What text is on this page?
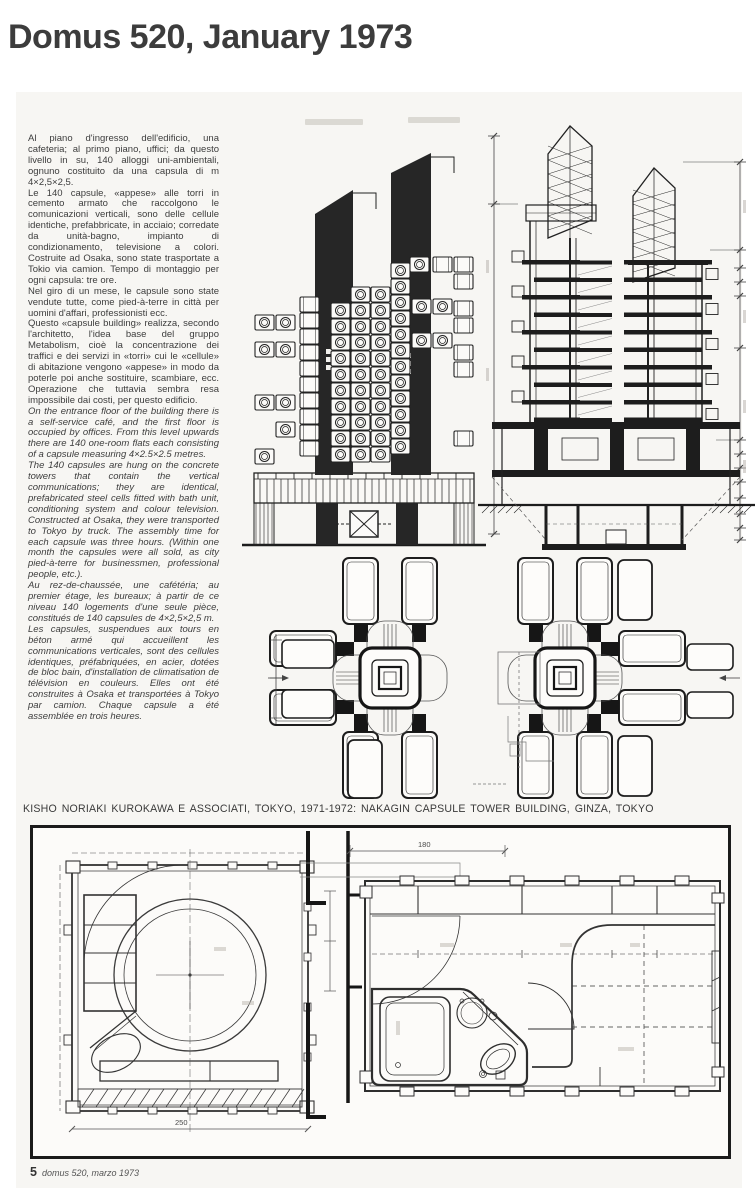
Domus 520, January 1973

Al piano d'ingresso dell'edificio, una cafeteria; al primo piano, uffici; da questo livello in su, 140 alloggi uni-ambientali, ognuno costituito da una capsula di m 4×2,5×2,5.

Le 140 capsule, «appese» alle torri in cemento armato che raccolgono le comunicazioni verticali, sono delle cellule identiche, prefabbricate, in acciaio; corredate da unità-bagno, impianto di condizionamento, televisione a colori. Costruite ad Osaka, sono state trasportate a Tokio via camion. Tempo di montaggio per ogni capsula: tre ore.

Nel giro di un mese, le capsule sono state vendute tutte, come pied-à-terre in città per uomini d'affari, professionisti ecc.

Questo «capsule building» realizza, secondo l'architetto, l'idea base del gruppo Metabolism, cioè la concentrazione dei traffici e dei servizi in «torri» cui le «cellule» di abitazione vengono «appese» in modo da poterle poi anche sostituire, scambiare, ecc. Operazione che tuttavia sembra resa impossibile dai costi, per questo edificio.

On the entrance floor of the building there is a self-service café, and the first floor is occupied by offices. From this level upwards there are 140 one-room flats each consisting of a capsule measuring 4×2.5×2.5 metres.

The 140 capsules are hung on the concrete towers that contain the vertical communications; they are identical, prefabricated steel cells fitted with bath unit, conditioning system and colour television. Constructed at Osaka, they were transported to Tokyo by truck. The assembly time for each capsule was three hours. (Within one month the capsules were all sold, as city pied-à-terre for businessmen, professional people, etc.).

Au rez-de-chaussée, une cafétéria; au premier étage, les bureaux; à partir de ce niveau 140 logements d'une seule pièce, constitués de 140 capsules de 4×2,5×2,5 m.

Les capsules, suspendues aux tours en béton armé qui accueillent les communications verticales, sont des cellules identiques, préfabriquées, en acier, dotées de bloc bain, d'installation de climatisation de télévision en couleurs. Elles ont été construites à Osaka et transportées à Tokyo par camion. Chaque capsule a été assemblée en trois heures.

KISHO NORIAKI KUROKAWA E ASSOCIATI, TOKYO, 1971-1972: NAKAGIN CAPSULE TOWER BUILDING, GINZA, TOKYO
250
180
5 domus 520, marzo 1973
